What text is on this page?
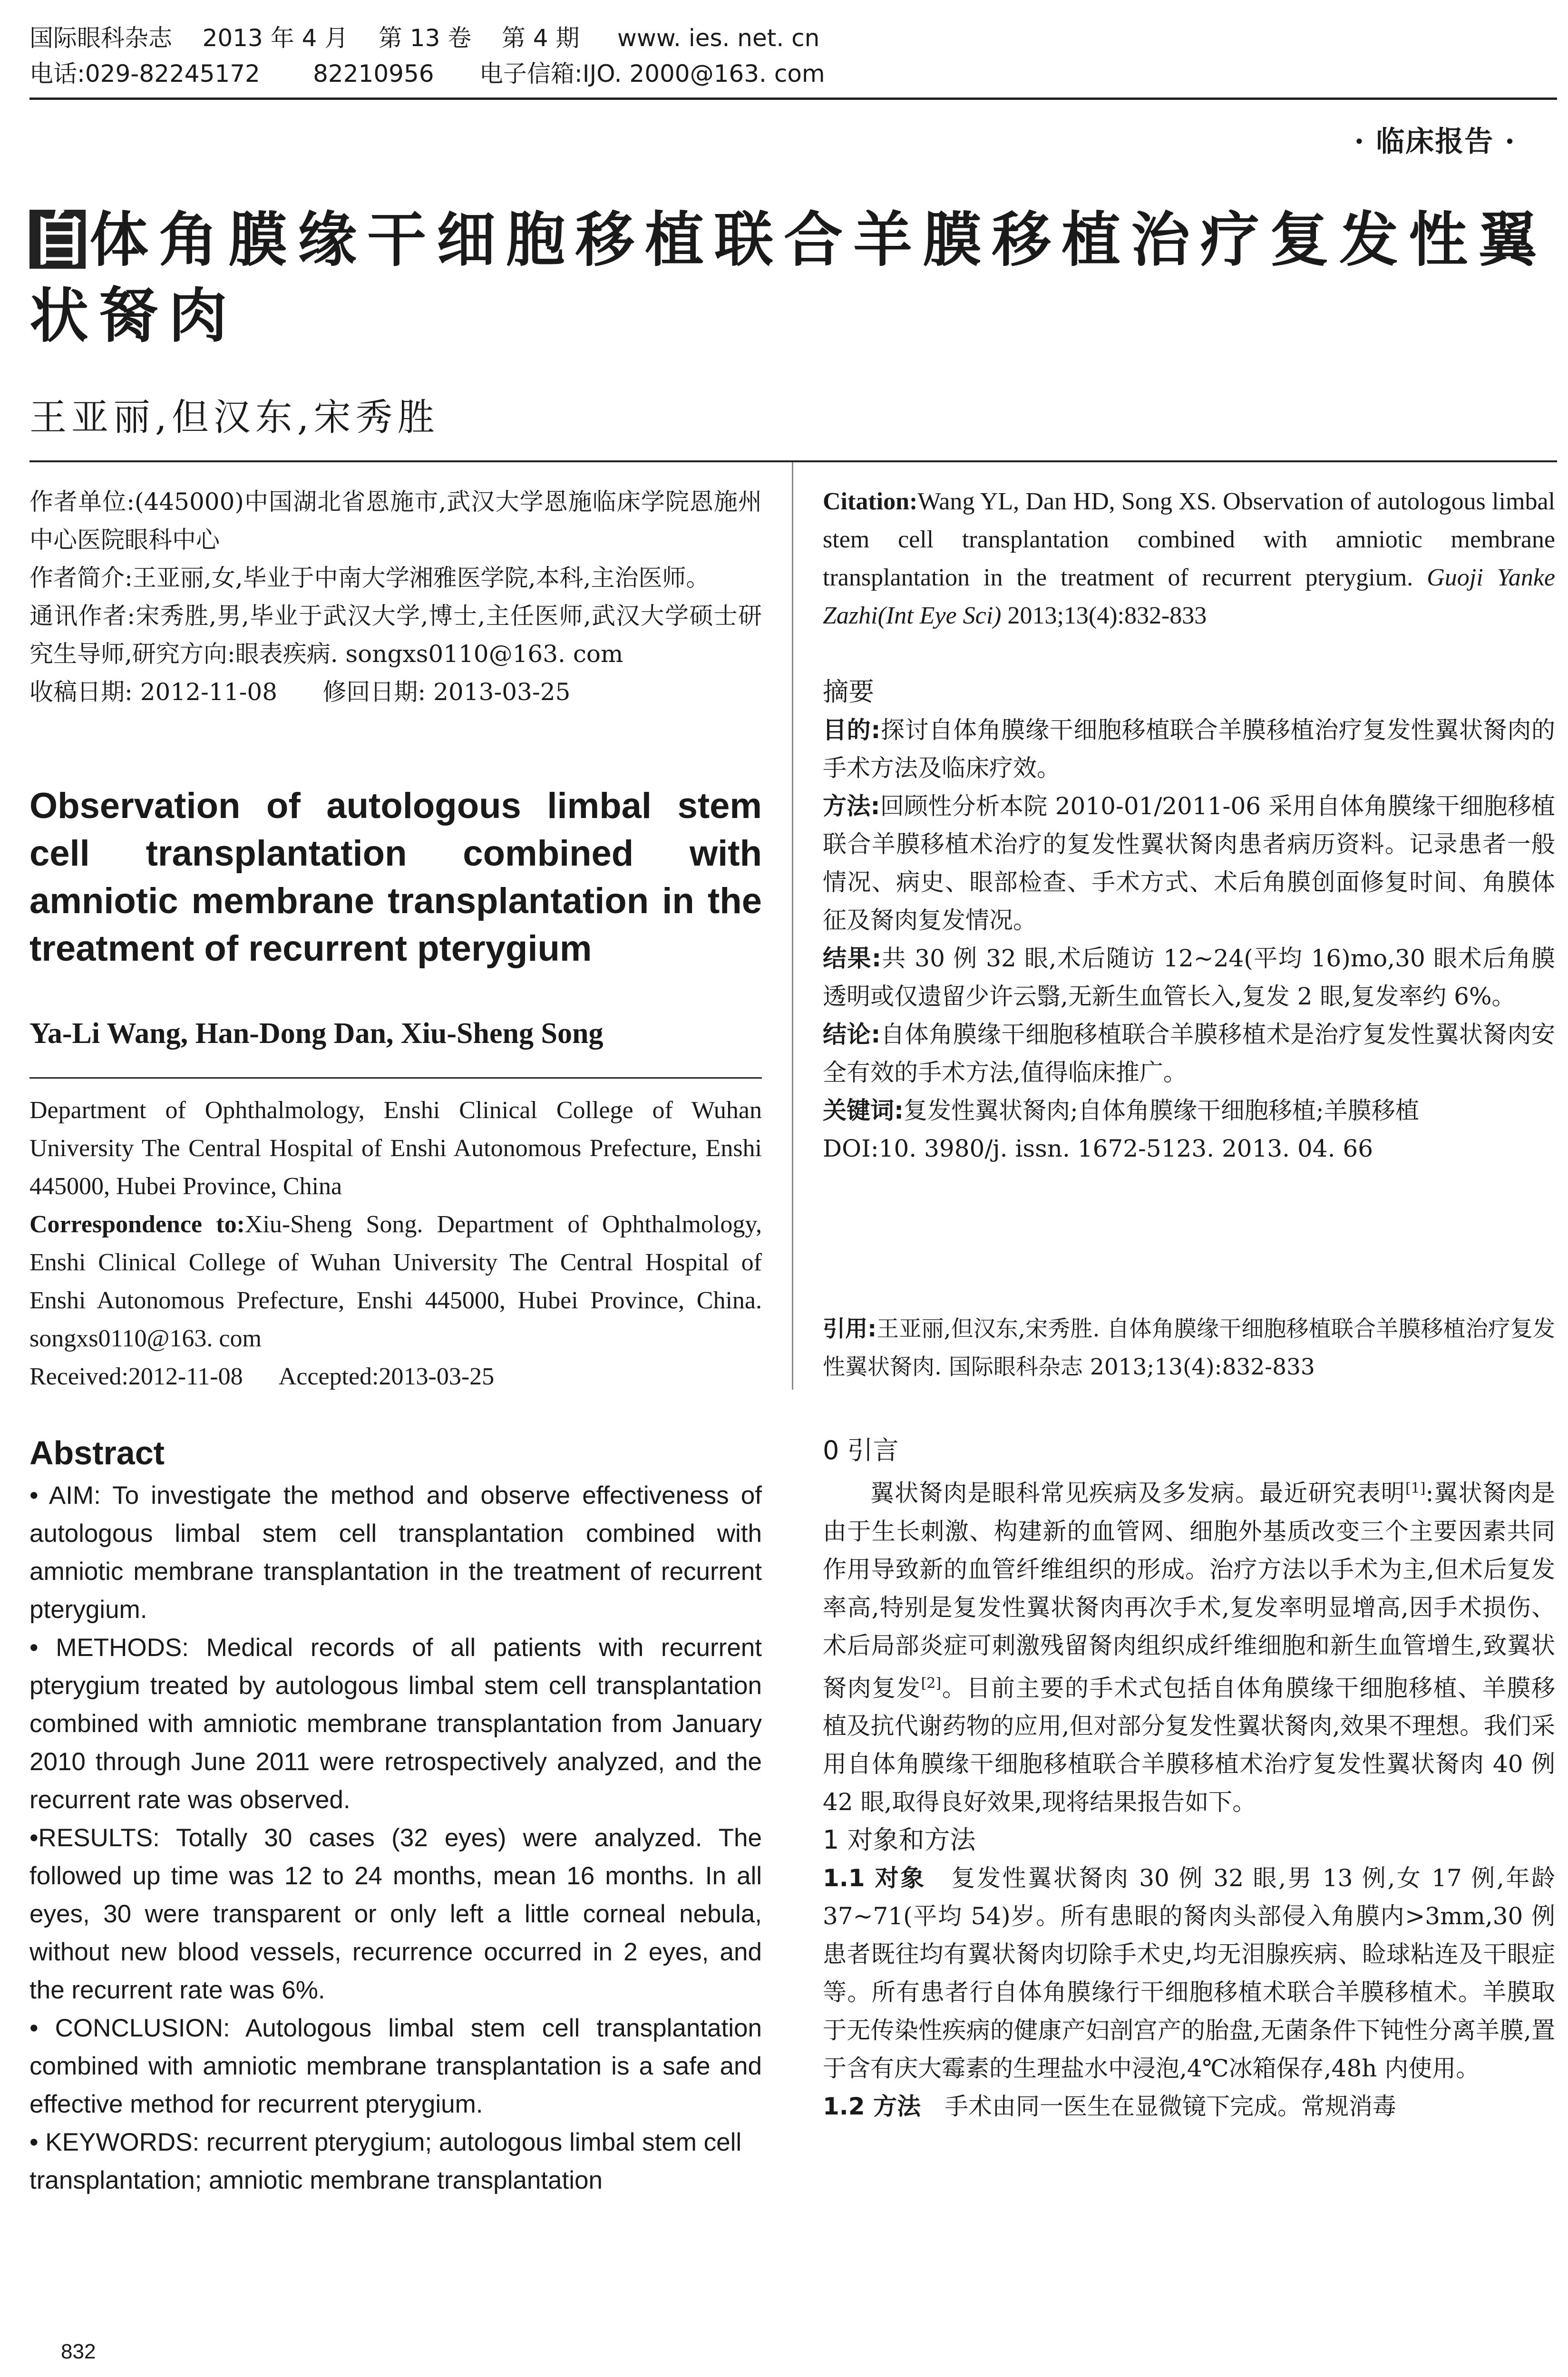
国际眼科杂志    2013 年 4 月    第 13 卷    第 4 期     www. ies. net. cn
电话:029-82245172       82210956      电子信箱:IJO. 2000@163. com
· 临床报告 ·
自体角膜缘干细胞移植联合羊膜移植治疗复发性翼状胬肉
王亚丽,但汉东,宋秀胜

作者单位:(445000)中国湖北省恩施市,武汉大学恩施临床学院恩施州中心医院眼科中心

作者简介:王亚丽,女,毕业于中南大学湘雅医学院,本科,主治医师。

通讯作者:宋秀胜,男,毕业于武汉大学,博士,主任医师,武汉大学硕士研究生导师,研究方向:眼表疾病. songxs0110@163. com

收稿日期: 2012-11-08      修回日期: 2013-03-25

Observation of autologous limbal stem cell transplantation combined with amniotic membrane transplantation in the treatment of recurrent pterygium
Ya-Li Wang, Han-Dong Dan, Xiu-Sheng Song

Department of Ophthalmology, Enshi Clinical College of Wuhan University The Central Hospital of Enshi Autonomous Prefecture, Enshi 445000, Hubei Province, China

Correspondence to:Xiu-Sheng Song. Department of Ophthalmology, Enshi Clinical College of Wuhan University The Central Hospital of Enshi Autonomous Prefecture, Enshi 445000, Hubei Province, China. songxs0110@163. com

Received:2012-11-08      Accepted:2013-03-25

Abstract

• AIM: To investigate the method and observe effectiveness of autologous limbal stem cell transplantation combined with amniotic membrane transplantation in the treatment of recurrent pterygium.

• METHODS: Medical records of all patients with recurrent pterygium treated by autologous limbal stem cell transplantation combined with amniotic membrane transplantation from January 2010 through June 2011 were retrospectively analyzed, and the recurrent rate was observed.

•RESULTS: Totally 30 cases (32 eyes) were analyzed. The followed up time was 12 to 24 months, mean 16 months. In all eyes, 30 were transparent or only left a little corneal nebula, without new blood vessels, recurrence occurred in 2 eyes, and the recurrent rate was 6%.

• CONCLUSION: Autologous limbal stem cell transplantation combined with amniotic membrane transplantation is a safe and effective method for recurrent pterygium.

• KEYWORDS: recurrent pterygium; autologous limbal stem cell transplantation; amniotic membrane transplantation

Citation:Wang YL, Dan HD, Song XS. Observation of autologous limbal stem cell transplantation combined with amniotic membrane transplantation in the treatment of recurrent pterygium. Guoji Yanke Zazhi(Int Eye Sci) 2013;13(4):832-833

摘要

目的:探讨自体角膜缘干细胞移植联合羊膜移植治疗复发性翼状胬肉的手术方法及临床疗效。

方法:回顾性分析本院 2010-01/2011-06 采用自体角膜缘干细胞移植联合羊膜移植术治疗的复发性翼状胬肉患者病历资料。记录患者一般情况、病史、眼部检查、手术方式、术后角膜创面修复时间、角膜体征及胬肉复发情况。

结果:共 30 例 32 眼,术后随访 12~24(平均 16)mo,30 眼术后角膜透明或仅遗留少许云翳,无新生血管长入,复发 2 眼,复发率约 6%。

结论:自体角膜缘干细胞移植联合羊膜移植术是治疗复发性翼状胬肉安全有效的手术方法,值得临床推广。

关键词:复发性翼状胬肉;自体角膜缘干细胞移植;羊膜移植

DOI:10. 3980/j. issn. 1672-5123. 2013. 04. 66

引用:王亚丽,但汉东,宋秀胜. 自体角膜缘干细胞移植联合羊膜移植治疗复发性翼状胬肉. 国际眼科杂志 2013;13(4):832-833

0 引言

翼状胬肉是眼科常见疾病及多发病。最近研究表明[1]:翼状胬肉是由于生长刺激、构建新的血管网、细胞外基质改变三个主要因素共同作用导致新的血管纤维组织的形成。治疗方法以手术为主,但术后复发率高,特别是复发性翼状胬肉再次手术,复发率明显增高,因手术损伤、术后局部炎症可刺激残留胬肉组织成纤维细胞和新生血管增生,致翼状胬肉复发[2]。目前主要的手术式包括自体角膜缘干细胞移植、羊膜移植及抗代谢药物的应用,但对部分复发性翼状胬肉,效果不理想。我们采用自体角膜缘干细胞移植联合羊膜移植术治疗复发性翼状胬肉 40 例 42 眼,取得良好效果,现将结果报告如下。

1 对象和方法

1.1 对象  复发性翼状胬肉 30 例 32 眼,男 13 例,女 17 例,年龄 37~71(平均 54)岁。所有患眼的胬肉头部侵入角膜内>3mm,30 例患者既往均有翼状胬肉切除手术史,均无泪腺疾病、睑球粘连及干眼症等。所有患者行自体角膜缘行干细胞移植术联合羊膜移植术。羊膜取于无传染性疾病的健康产妇剖宫产的胎盘,无菌条件下钝性分离羊膜,置于含有庆大霉素的生理盐水中浸泡,4℃冰箱保存,48h 内使用。

1.2 方法  手术由同一医生在显微镜下完成。常规消毒

832
